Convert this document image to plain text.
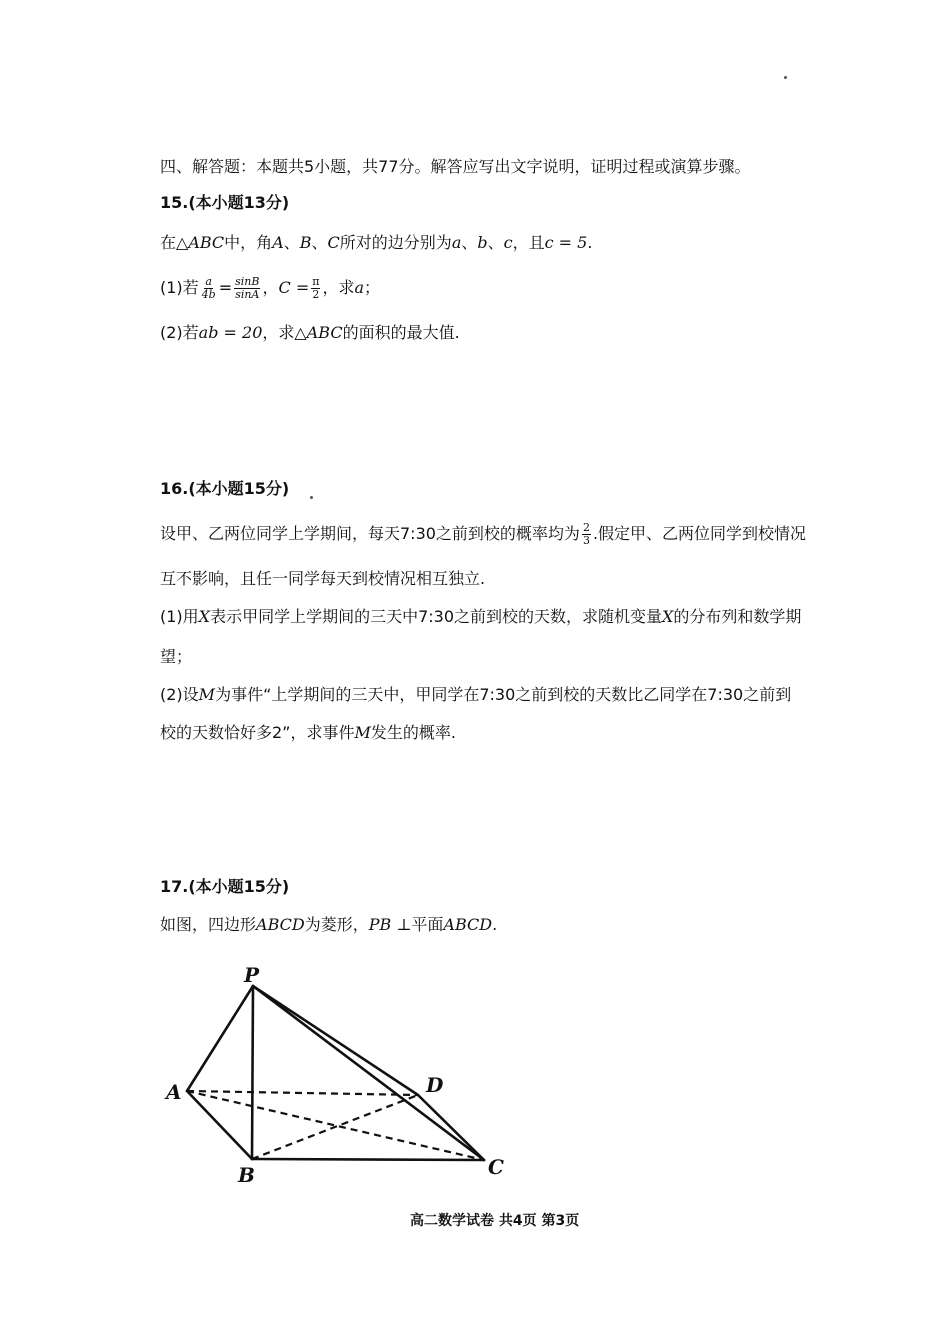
四、解答题：本题共5小题，共77分。解答应写出文字说明，证明过程或演算步骤。
15.(本小题13分)
在△ABC中，角A、B、C所对的边分别为a、b、c，且c = 5.
(1)若 $\frac{a}{4b} = \frac{\sin B}{\sin A}$ ，$C = \frac{\pi}{2}$ ，求a；
(2)若ab = 20，求△ABC的面积的最大值.
16.(本小题15分)
设甲、乙两位同学上学期间，每天7:30之前到校的概率均为 $\frac{2}{3}$ .假定甲、乙两位同学到校情况
互不影响，且任一同学每天到校情况相互独立.
(1)用X表示甲同学上学期间的三天中7:30之前到校的天数，求随机变量X的分布列和数学期
望；
(2)设M为事件“上学期间的三天中，甲同学在7:30之前到校的天数比乙同学在7:30之前到
校的天数恰好多2”，求事件M发生的概率.
17.(本小题15分)
如图，四边形ABCD为菱形，PB ⊥平面ABCD.
P
A
B	C
D
高二数学试卷 共4页 第3页
